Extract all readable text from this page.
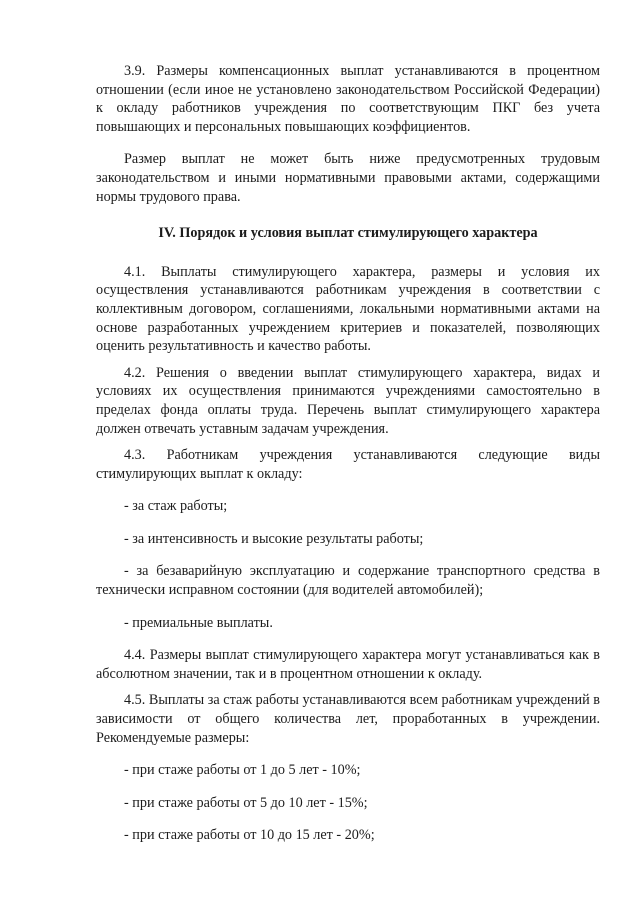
3.9. Размеры компенсационных выплат устанавливаются в процентном отношении (если иное не установлено законодательством Российской Федерации) к окладу работников учреждения по соответствующим ПКГ без учета повышающих и персональных повышающих коэффициентов.

Размер выплат не может быть ниже предусмотренных трудовым законодательством и иными нормативными правовыми актами, содержащими нормы трудового права.

IV. Порядок и условия выплат стимулирующего характера

4.1. Выплаты стимулирующего характера, размеры и условия их осуществления устанавливаются работникам учреждения в соответствии с коллективным договором, соглашениями, локальными нормативными актами на основе разработанных учреждением критериев и показателей, позволяющих оценить результативность и качество работы.

4.2. Решения о введении выплат стимулирующего характера, видах и условиях их осуществления принимаются учреждениями самостоятельно в пределах фонда оплаты труда. Перечень выплат стимулирующего характера должен отвечать уставным задачам учреждения.

4.3. Работникам учреждения устанавливаются следующие виды стимулирующих выплат к окладу:

- за стаж работы;

- за интенсивность и высокие результаты работы;

- за безаварийную эксплуатацию и содержание транспортного средства в технически исправном состоянии (для водителей автомобилей);

- премиальные выплаты.

4.4. Размеры выплат стимулирующего характера могут устанавливаться как в абсолютном значении, так и в процентном отношении к окладу.

4.5. Выплаты за стаж работы устанавливаются всем работникам учреждений в зависимости от общего количества лет, проработанных в учреждении. Рекомендуемые размеры:

- при стаже работы от 1 до 5 лет - 10%;

- при стаже работы от 5 до 10 лет - 15%;

- при стаже работы от 10 до 15 лет - 20%;
